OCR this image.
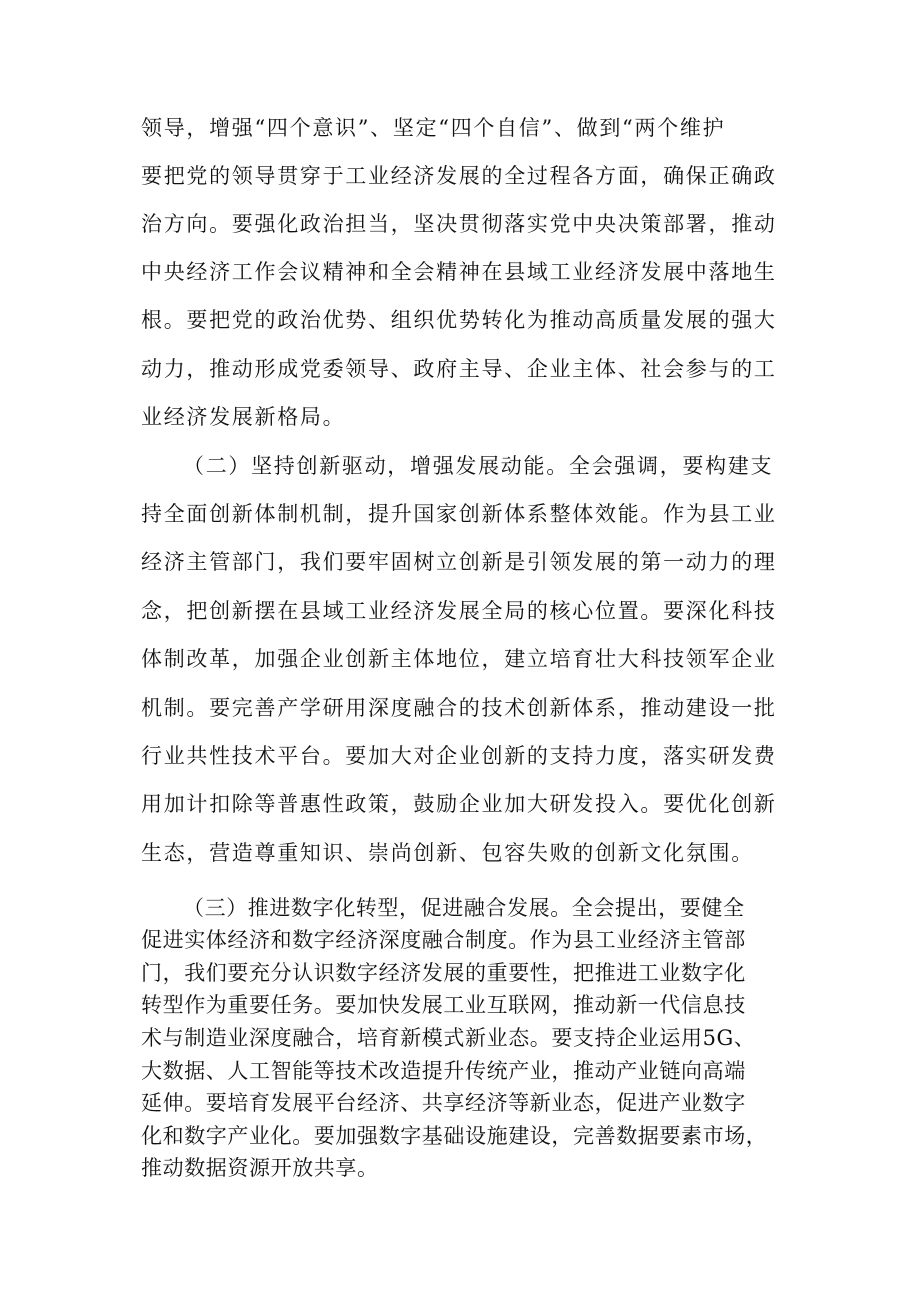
领导，增强“四个意识”、坚定“四个自信”、做到“两个维护
要把党的领导贯穿于工业经济发展的全过程各方面，确保正确政
治方向。要强化政治担当，坚决贯彻落实党中央决策部署，推动
中央经济工作会议精神和全会精神在县域工业经济发展中落地生
根。要把党的政治优势、组织优势转化为推动高质量发展的强大
动力，推动形成党委领导、政府主导、企业主体、社会参与的工
业经济发展新格局。
（二）坚持创新驱动，增强发展动能。全会强调，要构建支
持全面创新体制机制，提升国家创新体系整体效能。作为县工业
经济主管部门，我们要牢固树立创新是引领发展的第一动力的理
念，把创新摆在县域工业经济发展全局的核心位置。要深化科技
体制改革，加强企业创新主体地位，建立培育壮大科技领军企业
机制。要完善产学研用深度融合的技术创新体系，推动建设一批
行业共性技术平台。要加大对企业创新的支持力度，落实研发费
用加计扣除等普惠性政策，鼓励企业加大研发投入。要优化创新
生态，营造尊重知识、崇尚创新、包容失败的创新文化氛围。
（三）推进数字化转型，促进融合发展。全会提出，要健全
促进实体经济和数字经济深度融合制度。作为县工业经济主管部
门，我们要充分认识数字经济发展的重要性，把推进工业数字化
转型作为重要任务。要加快发展工业互联网，推动新一代信息技
术与制造业深度融合，培育新模式新业态。要支持企业运用5G、
大数据、人工智能等技术改造提升传统产业，推动产业链向高端
延伸。要培育发展平台经济、共享经济等新业态，促进产业数字
化和数字产业化。要加强数字基础设施建设，完善数据要素市场，
推动数据资源开放共享。
